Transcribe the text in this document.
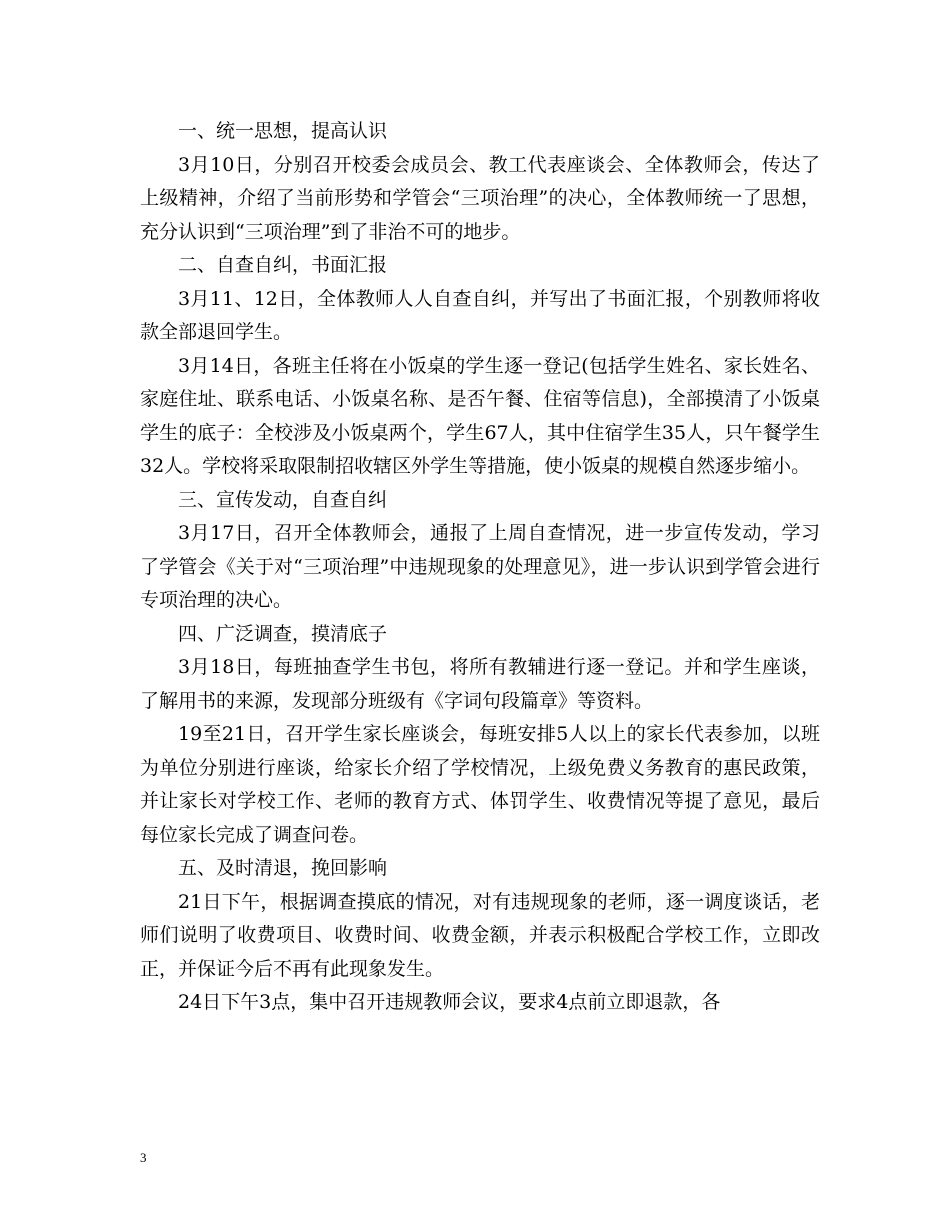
一、统一思想，提高认识

3月10日，分别召开校委会成员会、教工代表座谈会、全体教师会，传达了上级精神，介绍了当前形势和学管会“三项治理”的决心，全体教师统一了思想，充分认识到“三项治理”到了非治不可的地步。

二、自查自纠，书面汇报

3月11、12日，全体教师人人自查自纠，并写出了书面汇报，个别教师将收款全部退回学生。

3月14日，各班主任将在小饭桌的学生逐一登记(包括学生姓名、家长姓名、家庭住址、联系电话、小饭桌名称、是否午餐、住宿等信息)，全部摸清了小饭桌学生的底子：全校涉及小饭桌两个，学生67人，其中住宿学生35人，只午餐学生32人。学校将采取限制招收辖区外学生等措施，使小饭桌的规模自然逐步缩小。

三、宣传发动，自查自纠

3月17日，召开全体教师会，通报了上周自查情况，进一步宣传发动，学习了学管会《关于对“三项治理”中违规现象的处理意见》，进一步认识到学管会进行专项治理的决心。

四、广泛调查，摸清底子

3月18日，每班抽查学生书包，将所有教辅进行逐一登记。并和学生座谈，了解用书的来源，发现部分班级有《字词句段篇章》等资料。

19至21日，召开学生家长座谈会，每班安排5人以上的家长代表参加，以班为单位分别进行座谈，给家长介绍了学校情况，上级免费义务教育的惠民政策，并让家长对学校工作、老师的教育方式、体罚学生、收费情况等提了意见，最后每位家长完成了调查问卷。

五、及时清退，挽回影响

21日下午，根据调查摸底的情况，对有违规现象的老师，逐一调度谈话，老师们说明了收费项目、收费时间、收费金额，并表示积极配合学校工作，立即改正，并保证今后不再有此现象发生。

24日下午3点，集中召开违规教师会议，要求4点前立即退款，各

3
